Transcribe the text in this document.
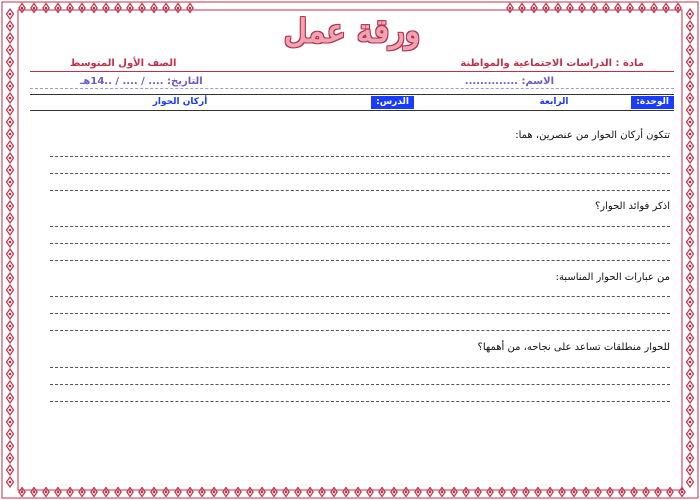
ورقة عمل
مادة : الدراسات الاجتماعية والمواطنة
الصف الأول المتوسط
الاسم: ..............
التاريخ: .... / .... / ..14هـ
الوحدة:
الرابعة
الدرس:
أركان الحوار
تتكون أركان الحوار من عنصرين، هما:
اذكر فوائد الحوار؟
من عبارات الحوار المناسبة:
للحوار منطلقات تساعد على نجاحه، من أهمها؟
